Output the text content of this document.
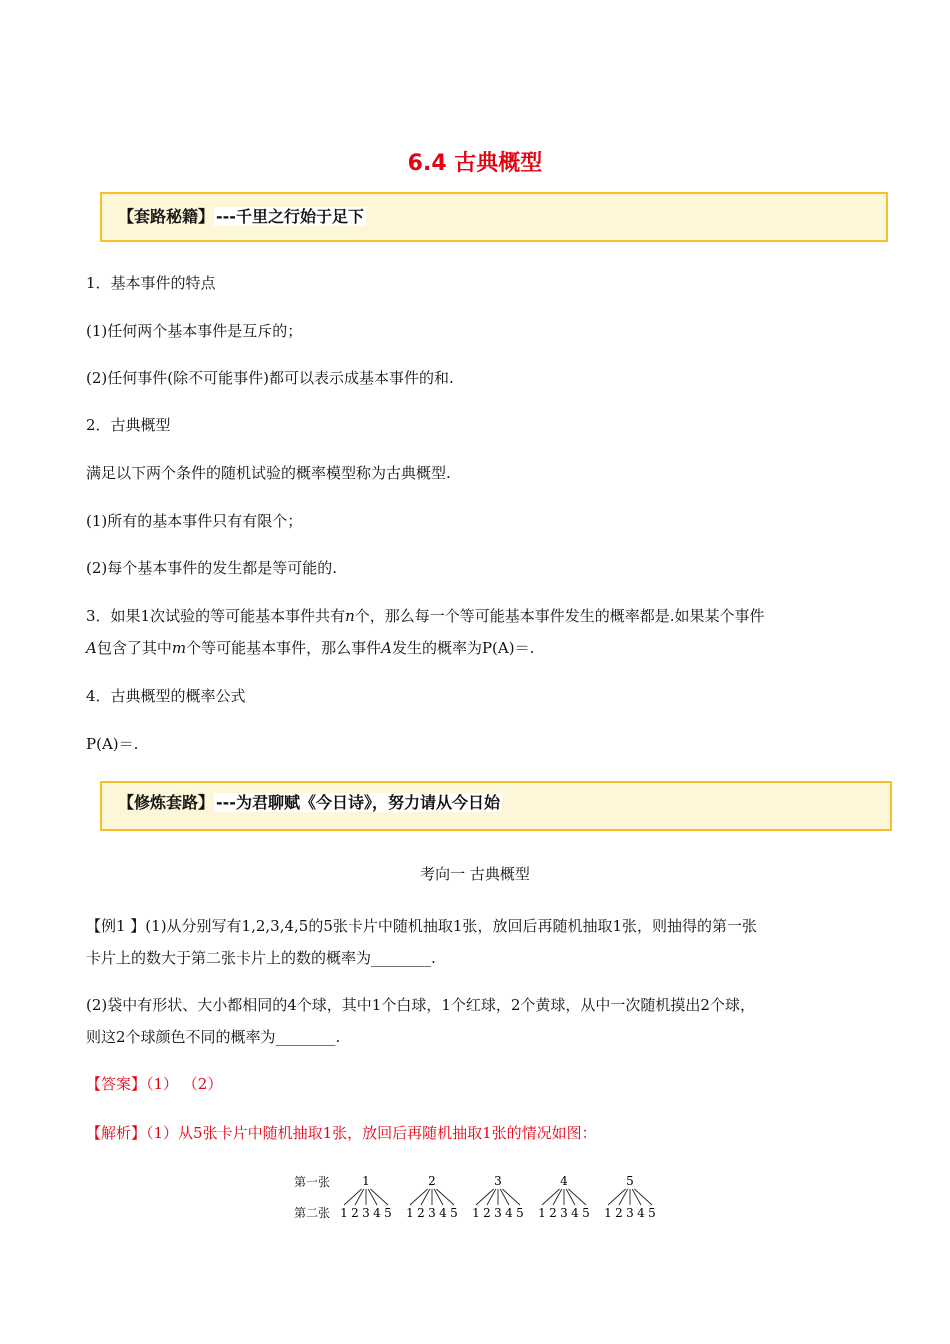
6.4 古典概型
【套路秘籍】 ---千里之行始于足下
1．基本事件的特点
(1)任何两个基本事件是互斥的；
(2)任何事件(除不可能事件)都可以表示成基本事件的和.
2．古典概型
满足以下两个条件的随机试验的概率模型称为古典概型.
(1)所有的基本事件只有有限个；
(2)每个基本事件的发生都是等可能的.
3．如果1次试验的等可能基本事件共有n个，那么每一个等可能基本事件发生的概率都是.如果某个事件
A包含了其中m个等可能基本事件，那么事件A发生的概率为P(A)＝.
4．古典概型的概率公式
P(A)＝.
【修炼套路】 ---为君聊赋《今日诗》，努力请从今日始
考向一 古典概型
【例1 】(1)从分别写有1,2,3,4,5的5张卡片中随机抽取1张，放回后再随机抽取1张，则抽得的第一张
卡片上的数大于第二张卡片上的数的概率为________.
(2)袋中有形状、大小都相同的4个球，其中1个白球，1个红球，2个黄球，从中一次随机摸出2个球，
则这2个球颜色不同的概率为________.
【答案】（1） （2）
【解析】（1）从5张卡片中随机抽取1张，放回后再随机抽取1张的情况如图：
第一张
第二张
1
1 2 3 4 5
2
1 2 3 4 5
3
1 2 3 4 5
4
1 2 3 4 5
5
1 2 3 4 5
